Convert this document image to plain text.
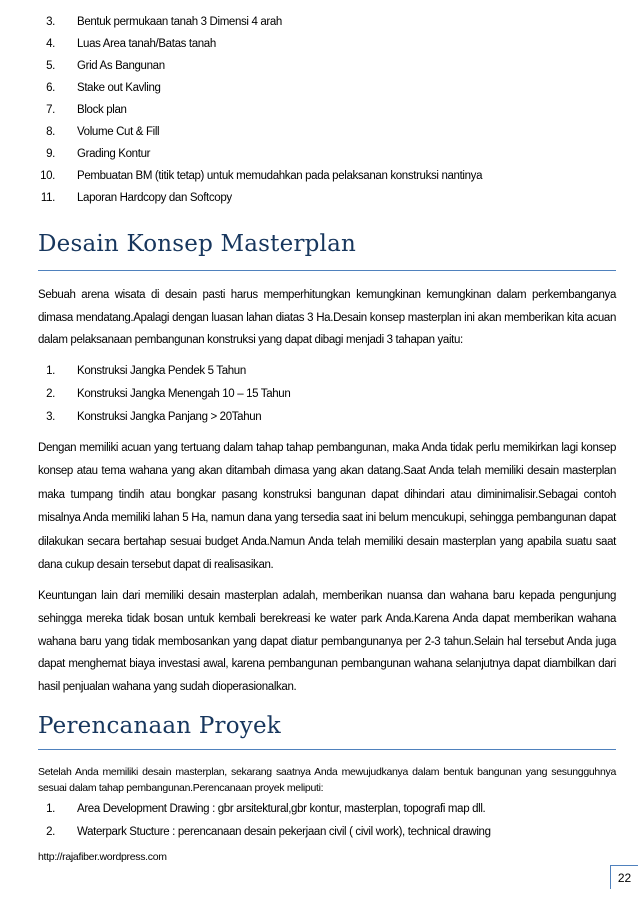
3. Bentuk permukaan tanah 3 Dimensi 4 arah
4. Luas Area tanah/Batas tanah
5. Grid As Bangunan
6. Stake out Kavling
7. Block plan
8. Volume Cut & Fill
9. Grading Kontur
10. Pembuatan BM (titik tetap) untuk memudahkan pada pelaksanan konstruksi nantinya
11. Laporan Hardcopy dan Softcopy
Desain Konsep Masterplan

Sebuah arena wisata di desain pasti harus memperhitungkan kemungkinan kemungkinan dalam perkembanganya dimasa mendatang.Apalagi dengan luasan lahan diatas 3 Ha.Desain konsep masterplan ini akan memberikan kita acuan dalam pelaksanaan pembangunan konstruksi yang dapat dibagi menjadi 3 tahapan yaitu:

1. Konstruksi Jangka Pendek 5 Tahun
2. Konstruksi Jangka Menengah 10 – 15 Tahun
3. Konstruksi Jangka Panjang > 20Tahun

Dengan memiliki acuan yang tertuang dalam tahap tahap pembangunan, maka Anda tidak perlu memikirkan lagi konsep konsep atau tema wahana yang akan ditambah dimasa yang akan datang.Saat Anda telah memiliki desain masterplan maka tumpang tindih atau bongkar pasang konstruksi bangunan dapat dihindari atau diminimalisir.Sebagai contoh misalnya Anda memiliki lahan 5 Ha, namun dana yang tersedia saat ini belum mencukupi, sehingga pembangunan dapat dilakukan secara bertahap sesuai budget Anda.Namun Anda telah memiliki desain masterplan yang apabila suatu saat dana cukup desain tersebut dapat di realisasikan.

Keuntungan lain dari memiliki desain masterplan adalah, memberikan nuansa dan wahana baru kepada pengunjung sehingga mereka tidak bosan untuk kembali berekreasi ke water park Anda.Karena Anda dapat memberikan wahana wahana baru yang tidak membosankan yang dapat diatur pembangunanya per 2-3 tahun.Selain hal tersebut Anda juga dapat menghemat biaya investasi awal, karena pembangunan pembangunan wahana selanjutnya dapat diambilkan dari hasil penjualan wahana yang sudah dioperasionalkan.

Perencanaan Proyek

Setelah Anda memiliki desain masterplan, sekarang saatnya Anda mewujudkanya dalam bentuk bangunan yang sesungguhnya sesuai dalam tahap pembangunan.Perencanaan proyek meliputi:

1. Area Development Drawing : gbr arsitektural,gbr kontur, masterplan, topografi map dll.
2. Waterpark Stucture : perencanaan desain pekerjaan civil ( civil work), technical drawing
http://rajafiber.wordpress.com
22
